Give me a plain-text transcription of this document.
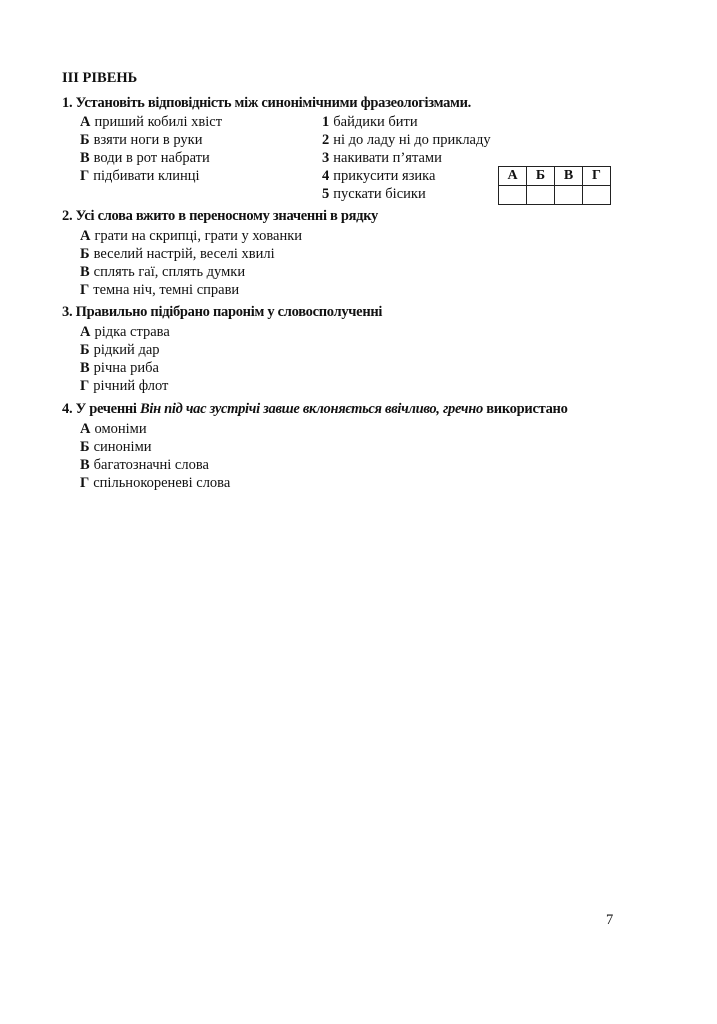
III РІВЕНЬ
1. Установіть відповідність між синонімічними фразеологізмами.
А приший кобилі хвіст
Б взяти ноги в руки
В води в рот набрати
Г підбивати клинці
1 байдики бити
2 ні до ладу ні до прикладу
3 накивати п’ятами
4 прикусити язика
5 пускати бісики
А	Б	В	Г

2. Усі слова вжито в переносному значенні в рядку
А грати на скрипці, грати у хованки
Б веселий настрій, веселі хвилі
В сплять гаї, сплять думки
Г темна ніч, темні справи
3. Правильно підібрано паронім у словосполученні
А рідка страва
Б рідкий дар
В річна риба
Г річний флот
4. У реченні Він під час зустрічі завше вклоняється ввічливо, гречно використано
А омоніми
Б синоніми
В багатозначні слова
Г спільнокореневі слова
7
